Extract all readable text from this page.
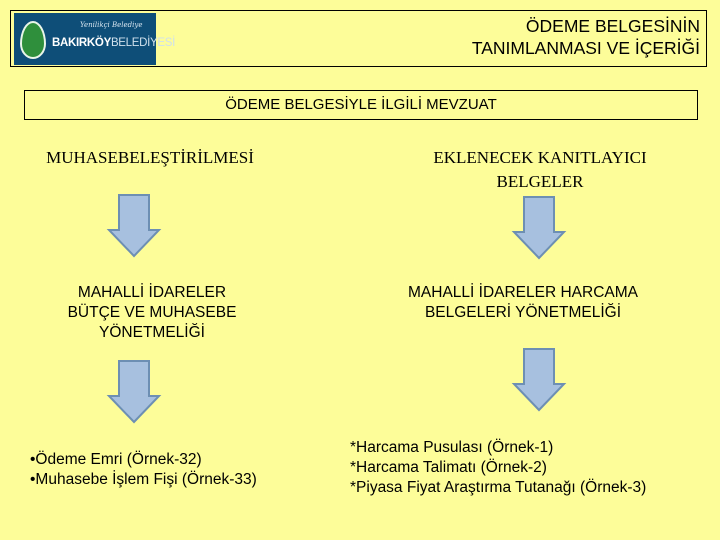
Yenilikçi Belediye
BAKIRKÖYBELEDİYESİ
ÖDEME BELGESİNİN
TANIMLANMASI VE İÇERİĞİ
ÖDEME BELGESİYLE İLGİLİ MEVZUAT
MUHASEBELEŞTİRİLMESİ	EKLENECEK KANITLAYICI
BELGELER
MAHALLİ İDARELER
BÜTÇE VE MUHASEBE
YÖNETMELİĞİ
MAHALLİ İDARELER HARCAMA
BELGELERİ YÖNETMELİĞİ
•Ödeme Emri (Örnek-32)
•Muhasebe İşlem Fişi (Örnek-33)
*Harcama Pusulası (Örnek-1)
*Harcama Talimatı (Örnek-2)
*Piyasa Fiyat Araştırma Tutanağı (Örnek-3)
